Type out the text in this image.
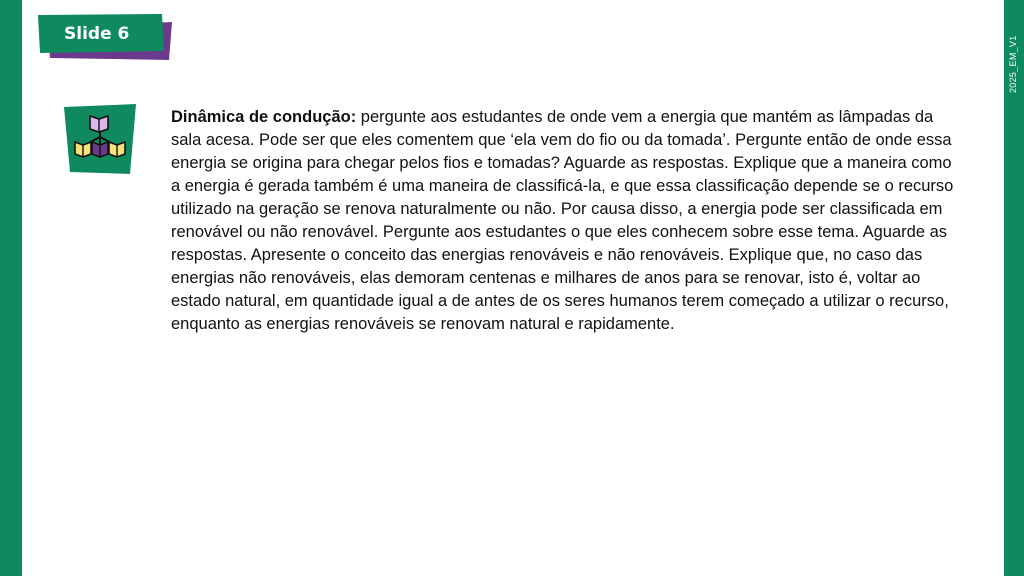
2025_EM_V1
Slide 6

Dinâmica de condução: pergunte aos estudantes de onde vem a energia que mantém as lâmpadas da sala acesa. Pode ser que eles comentem que ‘ela vem do fio ou da tomada’. Pergunte então de onde essa energia se origina para chegar pelos fios e tomadas? Aguarde as respostas. Explique que a maneira como a energia é gerada também é uma maneira de classificá-la, e que essa classificação depende se o recurso utilizado na geração se renova naturalmente ou não. Por causa disso, a energia pode ser classificada em renovável ou não renovável. Pergunte aos estudantes o que eles conhecem sobre esse tema. Aguarde as respostas. Apresente o conceito das energias renováveis e não renováveis. Explique que, no caso das energias não renováveis, elas demoram centenas e milhares de anos para se renovar, isto é, voltar ao estado natural, em quantidade igual a de antes de os seres humanos terem começado a utilizar o recurso, enquanto as energias renováveis se renovam natural e rapidamente.
